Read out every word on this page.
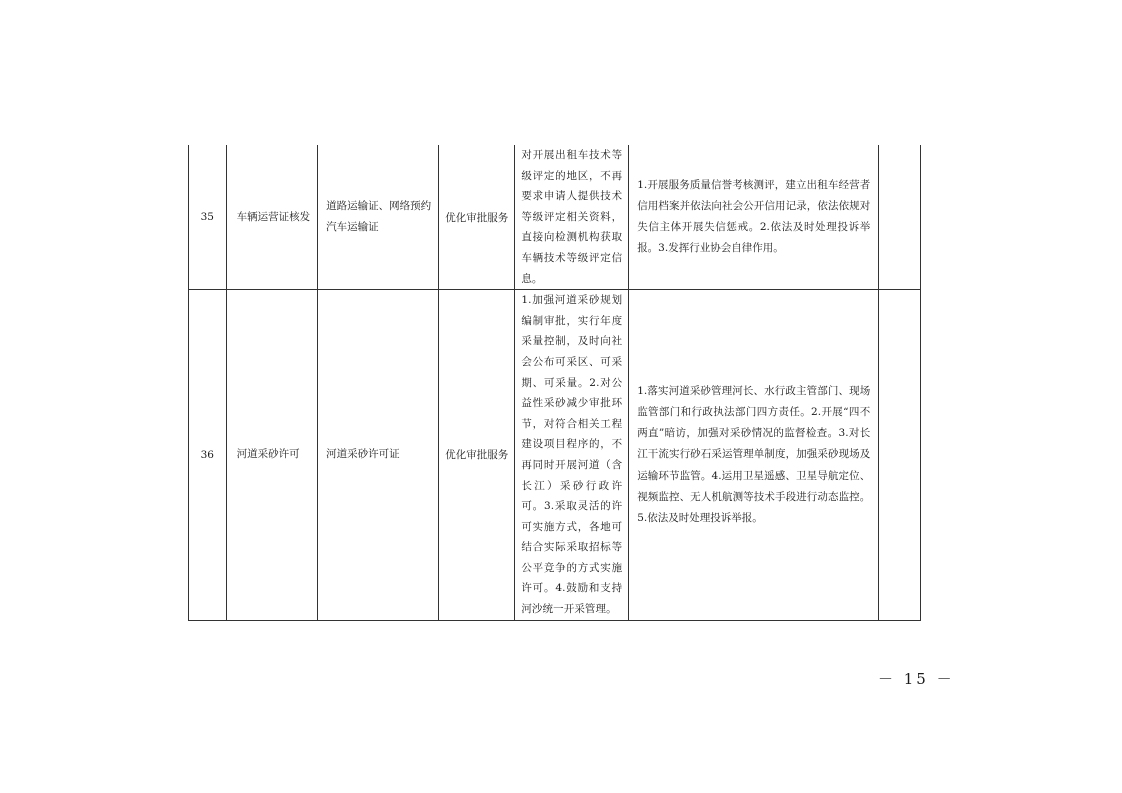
35	车辆运营证核发	道路运输证、网络预约汽车运输证	优化审批服务	对开展出租车技术等级评定的地区，不再要求申请人提供技术等级评定相关资料，直接向检测机构获取车辆技术等级评定信息。	1.开展服务质量信誉考核测评，建立出租车经营者信用档案并依法向社会公开信用记录，依法依规对失信主体开展失信惩戒。2.依法及时处理投诉举报。3.发挥行业协会自律作用。	
36	河道采砂许可	河道采砂许可证	优化审批服务	1.加强河道采砂规划编制审批，实行年度采量控制，及时向社会公布可采区、可采期、可采量。2.对公益性采砂减少审批环节，对符合相关工程建设项目程序的，不再同时开展河道（含长江）采砂行政许可。3.采取灵活的许可实施方式，各地可结合实际采取招标等公平竞争的方式实施许可。4.鼓励和支持河沙统一开采管理。	1.落实河道采砂管理河长、水行政主管部门、现场监管部门和行政执法部门四方责任。2.开展“四不两直”暗访，加强对采砂情况的监督检查。3.对长江干流实行砂石采运管理单制度，加强采砂现场及运输环节监管。4.运用卫星遥感、卫星导航定位、视频监控、无人机航测等技术手段进行动态监控。5.依法及时处理投诉举报。	
－ 15 －
